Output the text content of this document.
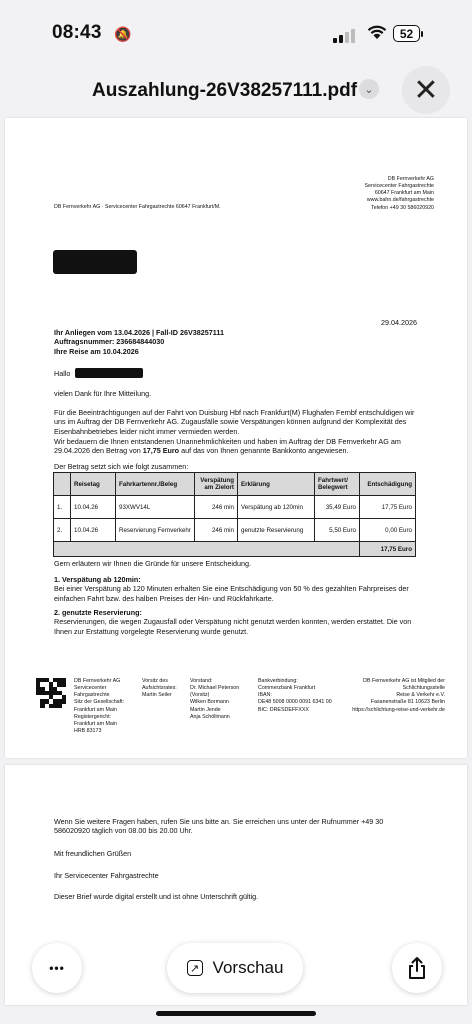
08:43 🔕	52
Auszahlung-26V38257111.pdf ⌄ ✕
DB Fernverkehr AG · Servicecenter Fahrgastrechte 60647 Frankfurt/M.
DB Fernverkehr AG
Servicecenter Fahrgastrechte
60647 Frankfurt am Main
www.bahn.de/fahrgastrechte
Telefon +49 30 586020920
29.04.2026
Ihr Anliegen vom 13.04.2026 | Fall-ID 26V38257111
Auftragsnummer: 236684844030
Ihre Reise am 10.04.2026
Hallo
vielen Dank für Ihre Mitteilung.
Für die Beeinträchtigungen auf der Fahrt von Duisburg Hbf nach Frankfurt(M) Flughafen Fernbf entschuldigen wir uns im Auftrag der DB Fernverkehr AG. Zugausfälle sowie Verspätungen können aufgrund der Komplexität des Eisenbahnbetriebes leider nicht immer vermieden werden.
Wir bedauern die Ihnen entstandenen Unannehmlichkeiten und haben im Auftrag der DB Fernverkehr AG am 29.04.2026 den Betrag von 17,75 Euro auf das von Ihnen genannte Bankkonto angewiesen.
Der Betrag setzt sich wie folgt zusammen:
	Reisetag	Fahrkartennr./Beleg	Verspätung am Zielort	Erklärung	Fahrtwert/ Belegwert	Entschädigung
1.	10.04.26	93XWV14L	246 min	Verspätung ab 120min	35,49 Euro	17,75 Euro
2.	10.04.26	Reservierung Fernverkehr	246 min	genutzte Reservierung	5,50 Euro	0,00 Euro
						17,75 Euro
Gern erläutern wir Ihnen die Gründe für unsere Entscheidung.
1. Verspätung ab 120min:
Bei einer Verspätung ab 120 Minuten erhalten Sie eine Entschädigung von 50 % des gezahlten Fahrpreises der einfachen Fahrt bzw. des halben Preises der Hin- und Rückfahrkarte.
2. genutzte Reservierung:
Reservierungen, die wegen Zugausfall oder Verspätung nicht genutzt werden konnten, werden erstattet. Die von Ihnen zur Erstattung vorgelegte Reservierung wurde genutzt.
DB Fernverkehr AG
Servicecenter
Fahrgastrechte
Sitz der Gesellschaft:
Frankfurt am Main
Registergericht:
Frankfurt am Main
HRB 83173
Vorsitz des
Aufsichtsrates:
Martin Seiler
Vorstand:
Dr. Michael Peterson
(Vorsitz)
Wilken Bormann
Martin Jende
Anja Schöllmann
Bankverbindung:
Commerzbank Frankfurt
IBAN:
DE48 5008 0000 0091 6341 00
BIC: DRESDEFFXXX
DB Fernverkehr AG ist Mitglied der
Schlichtungsstelle
Reise & Verkehr e.V.
Fasanenstraße 81 10623 Berlin
https://schlichtung-reise-und-verkehr.de
Wenn Sie weitere Fragen haben, rufen Sie uns bitte an. Sie erreichen uns unter der Rufnummer +49 30 586020920 täglich von 08.00 bis 20.00 Uhr.
Mit freundlichen Grüßen
Ihr Servicecenter Fahrgastrechte
Dieser Brief wurde digital erstellt und ist ohne Unterschrift gültig.
•••	↗ Vorschau
